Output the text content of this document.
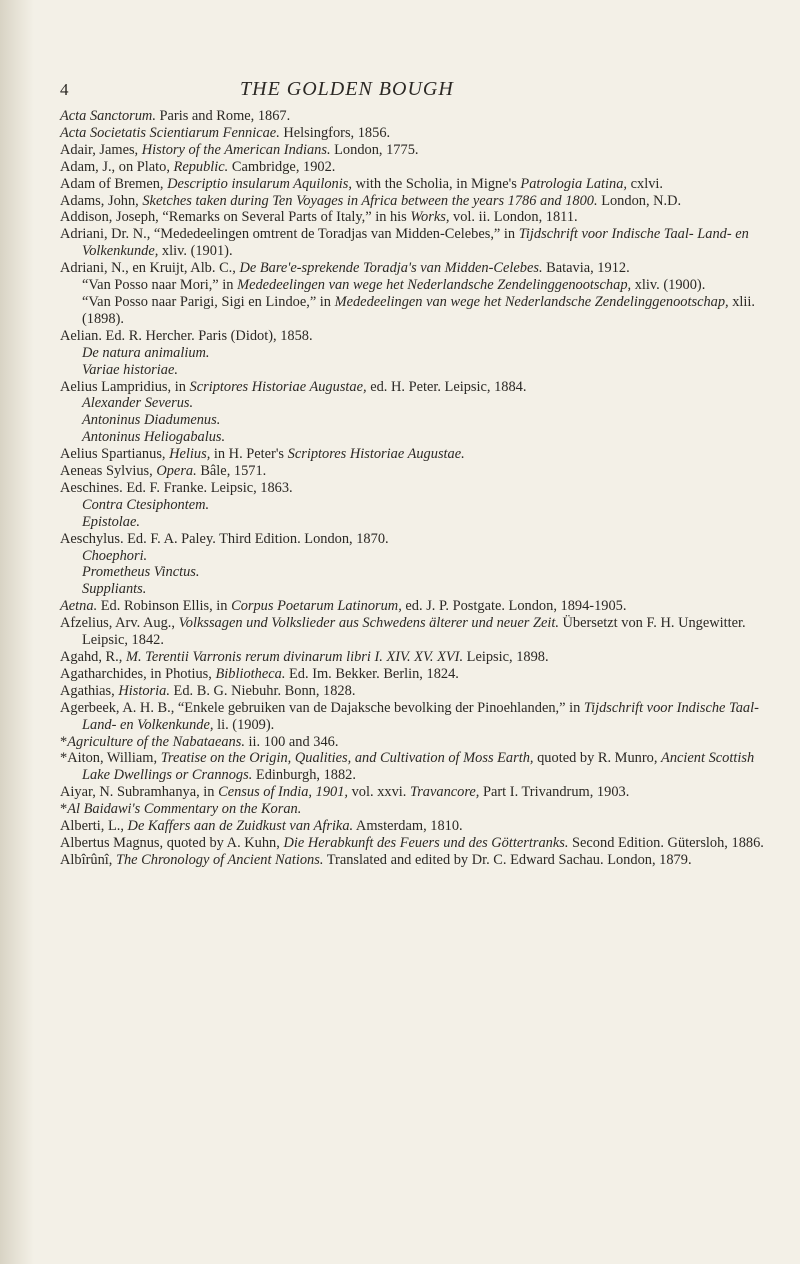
4	THE GOLDEN BOUGH

Acta Sanctorum. Paris and Rome, 1867.

Acta Societatis Scientiarum Fennicae. Helsingfors, 1856.

Adair, James, History of the American Indians. London, 1775.

Adam, J., on Plato, Republic. Cambridge, 1902.

Adam of Bremen, Descriptio insularum Aquilonis, with the Scholia, in Migne's Patrologia Latina, cxlvi.

Adams, John, Sketches taken during Ten Voyages in Africa between the years 1786 and 1800. London, N.D.

Addison, Joseph, “Remarks on Several Parts of Italy,” in his Works, vol. ii. London, 1811.

Adriani, Dr. N., “Mededeelingen omtrent de Toradjas van Midden-Celebes,” in Tijdschrift voor Indische Taal- Land- en Volkenkunde, xliv. (1901).

Adriani, N., en Kruijt, Alb. C., De Bare'e-sprekende Toradja's van Midden-Celebes. Batavia, 1912.

“Van Posso naar Mori,” in Mededeelingen van wege het Nederlandsche Zendelinggenootschap, xliv. (1900).

“Van Posso naar Parigi, Sigi en Lindoe,” in Mededeelingen van wege het Nederlandsche Zendelinggenootschap, xlii. (1898).

Aelian. Ed. R. Hercher. Paris (Didot), 1858.

De natura animalium.

Variae historiae.

Aelius Lampridius, in Scriptores Historiae Augustae, ed. H. Peter. Leipsic, 1884.

Alexander Severus.

Antoninus Diadumenus.

Antoninus Heliogabalus.

Aelius Spartianus, Helius, in H. Peter's Scriptores Historiae Augustae.

Aeneas Sylvius, Opera. Bâle, 1571.

Aeschines. Ed. F. Franke. Leipsic, 1863.

Contra Ctesiphontem.

Epistolae.

Aeschylus. Ed. F. A. Paley. Third Edition. London, 1870.

Choephori.

Prometheus Vinctus.

Suppliants.

Aetna. Ed. Robinson Ellis, in Corpus Poetarum Latinorum, ed. J. P. Postgate. London, 1894-1905.

Afzelius, Arv. Aug., Volkssagen und Volkslieder aus Schwedens älterer und neuer Zeit. Übersetzt von F. H. Ungewitter. Leipsic, 1842.

Agahd, R., M. Terentii Varronis rerum divinarum libri I. XIV. XV. XVI. Leipsic, 1898.

Agatharchides, in Photius, Bibliotheca. Ed. Im. Bekker. Berlin, 1824.

Agathias, Historia. Ed. B. G. Niebuhr. Bonn, 1828.

Agerbeek, A. H. B., “Enkele gebruiken van de Dajaksche bevolking der Pinoehlanden,” in Tijdschrift voor Indische Taal- Land- en Volkenkunde, li. (1909).

*Agriculture of the Nabataeans. ii. 100 and 346.

*Aiton, William, Treatise on the Origin, Qualities, and Cultivation of Moss Earth, quoted by R. Munro, Ancient Scottish Lake Dwellings or Crannogs. Edinburgh, 1882.

Aiyar, N. Subramhanya, in Census of India, 1901, vol. xxvi. Travancore, Part I. Trivandrum, 1903.

*Al Baidawi's Commentary on the Koran.

Alberti, L., De Kaffers aan de Zuidkust van Afrika. Amsterdam, 1810.

Albertus Magnus, quoted by A. Kuhn, Die Herabkunft des Feuers und des Göttertranks. Second Edition. Gütersloh, 1886.

Albîrûnî, The Chronology of Ancient Nations. Translated and edited by Dr. C. Edward Sachau. London, 1879.
